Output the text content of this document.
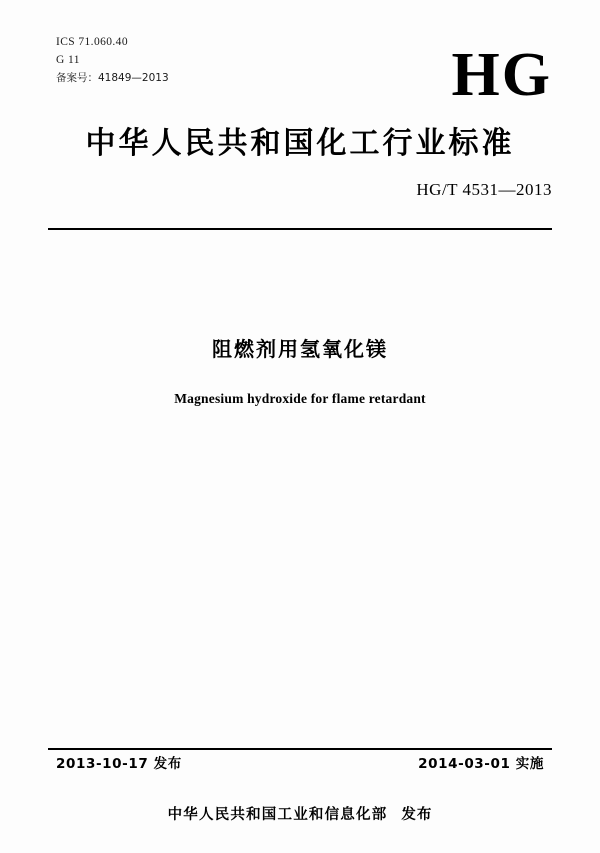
ICS 71.060.40
G 11
备案号：41849—2013	HG
中华人民共和国化工行业标准
HG/T 4531—2013
阻燃剂用氢氧化镁
Magnesium hydroxide for flame retardant
2013-10-17 发布	2014-03-01 实施
中华人民共和国工业和信息化部 发布
